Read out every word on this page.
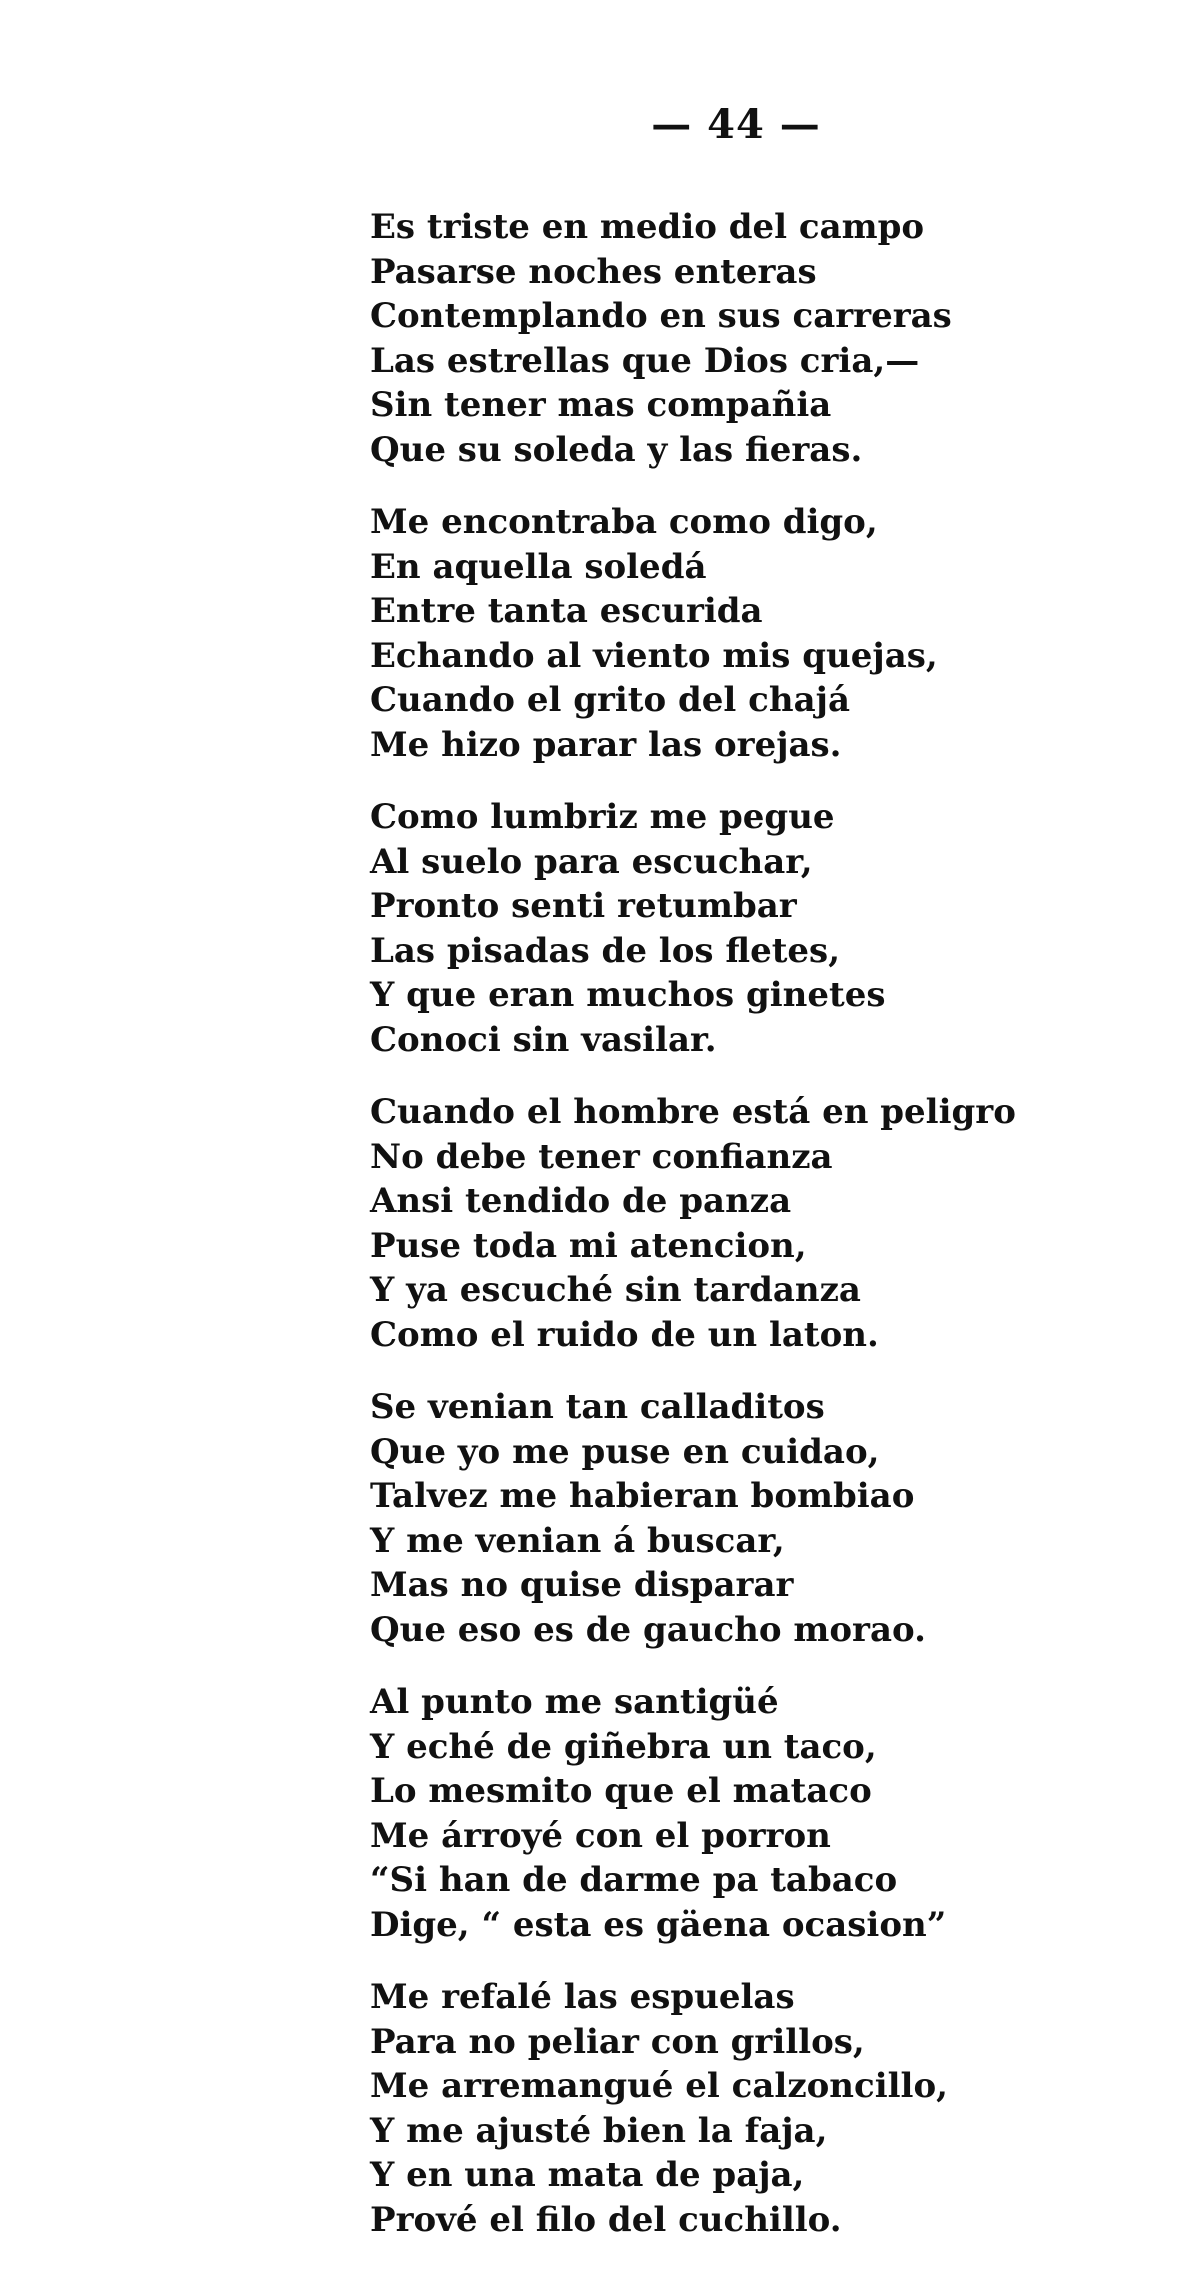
— 44 —
Es triste en medio del campo
Pasarse noches enteras
Contemplando en sus carreras
Las estrellas que Dios cria,—
Sin tener mas compañia
Que su soleda y las fieras.
Me encontraba como digo,
En aquella soledá
Entre tanta escurida
Echando al viento mis quejas,
Cuando el grito del chajá
Me hizo parar las orejas.
Como lumbriz me pegue
Al suelo para escuchar,
Pronto senti retumbar
Las pisadas de los fletes,
Y que eran muchos ginetes
Conoci sin vasilar.
Cuando el hombre está en peligro
No debe tener confianza
Ansi tendido de panza
Puse toda mi atencion,
Y ya escuché sin tardanza
Como el ruido de un laton.
Se venian tan calladitos
Que yo me puse en cuidao,
Talvez me habieran bombiao
Y me venian á buscar,
Mas no quise disparar
Que eso es de gaucho morao.
Al punto me santigüé
Y eché de giñebra un taco,
Lo mesmito que el mataco
Me árroyé con el porron
“Si han de darme pa tabaco
Dige, “ esta es gäena ocasion”
Me refalé las espuelas
Para no peliar con grillos,
Me arremangué el calzoncillo,
Y me ajusté bien la faja,
Y en una mata de paja,
Prové el filo del cuchillo.
